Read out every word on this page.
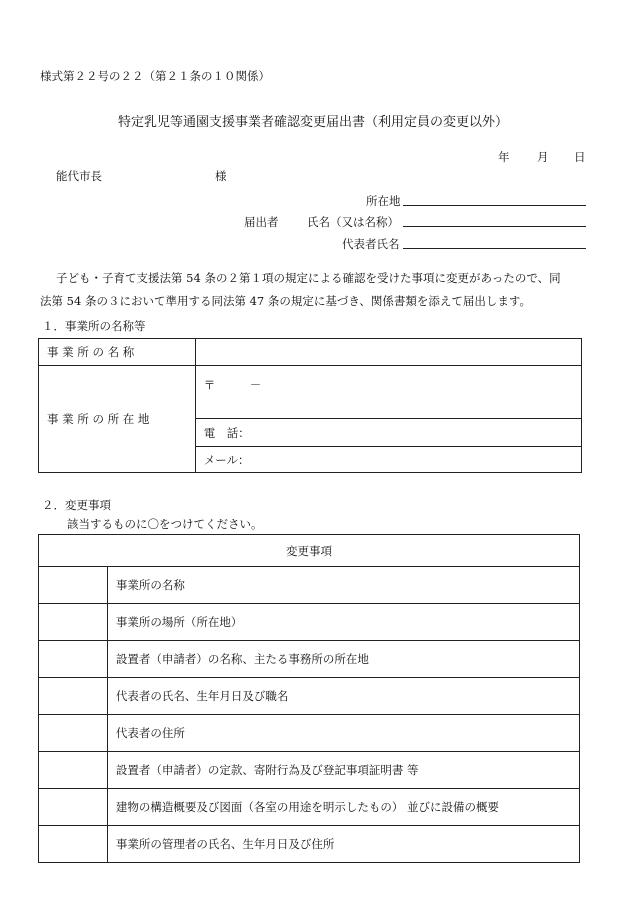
様式第２２号の２２（第２１条の１０関係）
特定乳児等通園支援事業者確認変更届出書（利用定員の変更以外）
年 月 日
能代市長	様
所在地
届出者 氏名（又は名称）
代表者氏名
子ども・子育て支援法第 54 条の２第１項の規定による確認を受けた事項に変更があったので、同
法第 54 条の３において準用する同法第 47 条の規定に基づき、関係書類を添えて届出します。
１．事業所の名称等
事 業 所 の 名 称	
事 業 所 の 所 在 地	〒　　　－
	電　話：
	メール：
２．変更事項
該当するものに〇をつけてください。
変更事項	
	事業所の名称
	事業所の場所（所在地）
	設置者（申請者）の名称、主たる事務所の所在地
	代表者の氏名、生年月日及び職名
	代表者の住所
	設置者（申請者）の定款、寄附行為及び登記事項証明書 等
	建物の構造概要及び図面（各室の用途を明示したもの） 並びに設備の概要
	事業所の管理者の氏名、生年月日及び住所
